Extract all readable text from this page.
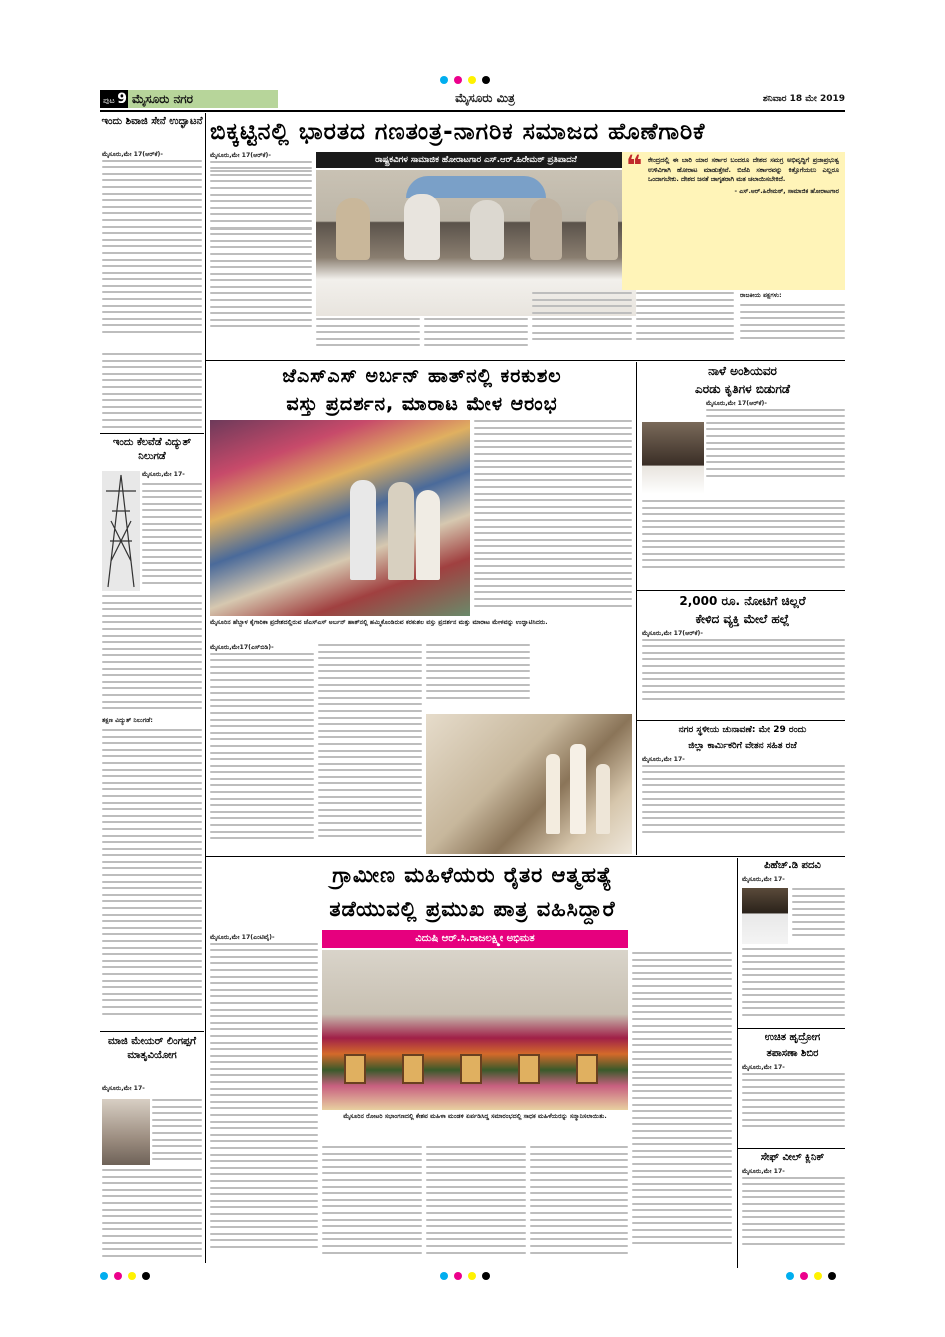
ಪುಟ 9 ಮೈಸೂರು ನಗರ	ಮೈಸೂರು ಮಿತ್ರ	ಶನಿವಾರ 18 ಮೇ 2019
ಇಂದು ಶಿವಾಜಿ ಸೇನೆ ಉದ್ಘಾಟನೆ
ಮೈಸೂರು,ಮೇ 17(ಆರ್‌ಕೆ)-
ಇಂದು ಕೆಲವೆಡೆ ವಿದ್ಯುತ್ ನಿಲುಗಡೆ
ಮೈಸೂರು,ಮೇ 17-
ತಕ್ಷಣ ವಿದ್ಯುತ್ ನಿಲುಗಡೆ:
ಮಾಜಿ ಮೇಯರ್ ಲಿಂಗಪ್ಪಗೆ ಮಾತೃವಿಯೋಗ
ಮೈಸೂರು,ಮೇ 17-
ಬಿಕ್ಕಟ್ಟಿನಲ್ಲಿ ಭಾರತದ ಗಣತಂತ್ರ-ನಾಗರಿಕ ಸಮಾಜದ ಹೊಣೆಗಾರಿಕೆ
ರಾಷ್ಟ್ರಕವಿಗಳ ಸಾಮಾಜಿಕ ಹೋರಾಟಗಾರ ಎಸ್.ಆರ್.ಹಿರೇಮಠ್ ಪ್ರತಿಪಾದನೆ
ಮೈಸೂರು,ಮೇ 17(ಆರ್‌ಕೆ)-	❝ ಕೇಂದ್ರದಲ್ಲಿ ಈ ಬಾರಿ ಯಾರ ಸರ್ಕಾರ ಬಂದರೂ ದೇಶದ ಸಮಗ್ರ ಅಭಿವೃದ್ಧಿಗೆ ಪ್ರಜಾಪ್ರಭುತ್ವ ಉಳಿವಿಗಾಗಿ ಹೋರಾಟ ಮಾಡುತ್ತೇವೆ. ಬಿಜೆಪಿ ಸರ್ಕಾರವನ್ನು ಕಿತ್ತೊಗೆಯಲು ಎಲ್ಲರೂ ಒಂದಾಗಬೇಕು. ದೇಶದ ಜನತೆ ಜಾಗೃತರಾಗಿ ಮತ ಚಲಾಯಿಸಬೇಕಿದೆ.
- ಎಸ್.ಆರ್.ಹಿರೇಮಠ್, ಸಾಮಾಜಿಕ ಹೋರಾಟಗಾರ
ರಾಜಕೀಯ ಪಕ್ಷಗಳು:
ಜೆಎಸ್‌ಎಸ್ ಅರ್ಬನ್ ಹಾತ್‌ನಲ್ಲಿ ಕರಕುಶಲ
ವಸ್ತು ಪ್ರದರ್ಶನ, ಮಾರಾಟ ಮೇಳ ಆರಂಭ
ಮೈಸೂರಿನ ಹೆಬ್ಬಾಳ ಕೈಗಾರಿಕಾ ಪ್ರದೇಶದಲ್ಲಿರುವ ಜೆಎಸ್‌ಎಸ್ ಅರ್ಬನ್ ಹಾತ್‌ನಲ್ಲಿ ಹಮ್ಮಿಕೊಂಡಿರುವ ಕರಕುಶಲ ವಸ್ತು ಪ್ರದರ್ಶನ ಮತ್ತು ಮಾರಾಟ ಮೇಳವನ್ನು ಉದ್ಘಾಟಿಸಿದರು.
ಮೈಸೂರು,ಮೇ17(ಎಸ್‌ಬಿಡಿ)-
ನಾಳೆ ಅಂಶಿಯವರ
ಎರಡು ಕೃತಿಗಳ ಬಿಡುಗಡೆ
ಮೈಸೂರು,ಮೇ 17(ಆರ್‌ಕೆ)-
2,000 ರೂ. ನೋಟಿಗೆ ಚಿಲ್ಲರೆ
ಕೇಳಿದ ವ್ಯಕ್ತಿ ಮೇಲೆ ಹಲ್ಲೆ
ಮೈಸೂರು,ಮೇ 17(ಆರ್‌ಕೆ)-
ನಗರ ಸ್ಥಳೀಯ ಚುನಾವಣೆ: ಮೇ 29 ರಂದು
ಜಿಲ್ಲಾ ಕಾರ್ಮಿಕರಿಗೆ ವೇತನ ಸಹಿತ ರಜೆ
ಮೈಸೂರು,ಮೇ 17-
ಗ್ರಾಮೀಣ ಮಹಿಳೆಯರು ರೈತರ ಆತ್ಮಹತ್ಯೆ
ತಡೆಯುವಲ್ಲಿ ಪ್ರಮುಖ ಪಾತ್ರ ವಹಿಸಿದ್ದಾರೆ
ವಿದುಷಿ ಆರ್.ಸಿ.ರಾಜಲಕ್ಷ್ಮೀ ಅಭಿಮತ
ಮೈಸೂರು,ಮೇ 17(ಎಂಟಿವೈ)-
ಮೈಸೂರಿನ ರೋಟರಿ ಸಭಾಂಗಣದಲ್ಲಿ ಕೇಶವ ಮಹಿಳಾ ಮಂಡಳಿ ಏರ್ಪಡಿಸಿದ್ದ ಸಮಾರಂಭದಲ್ಲಿ ಸಾಧಕ ಮಹಿಳೆಯರನ್ನು ಸನ್ಮಾನಿಸಲಾಯಿತು.
ಪಿಹೆಚ್.ಡಿ ಪದವಿ
ಮೈಸೂರು,ಮೇ 17-
ಉಚಿತ ಹೃದ್ರೋಗ
ತಪಾಸಣಾ ಶಿಬಿರ
ಮೈಸೂರು,ಮೇ 17-
ಸೇಫ್ ವೀಲ್ ಕ್ಲಿನಿಕ್
ಮೈಸೂರು,ಮೇ 17-
